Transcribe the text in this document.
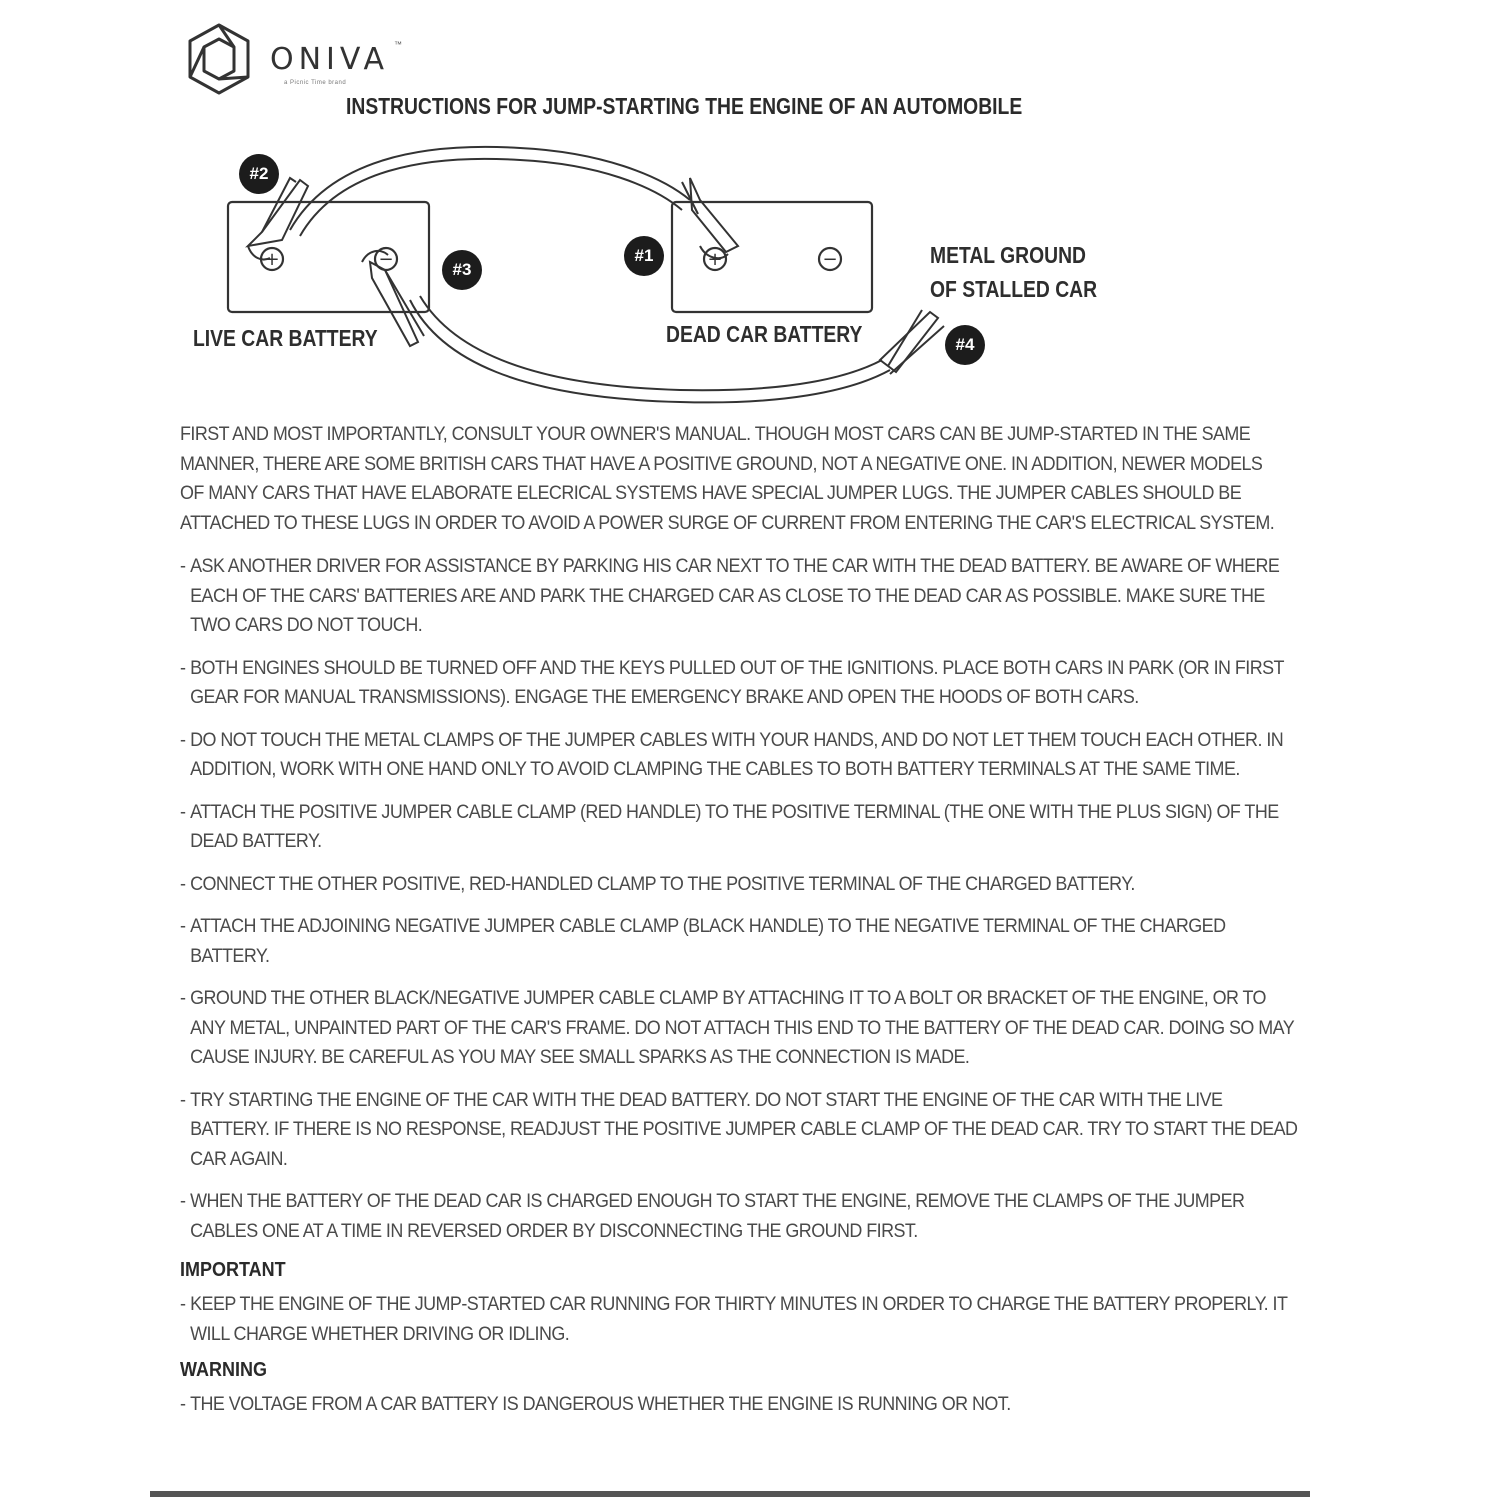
ONIVA ™
a Picnic Time brand
INSTRUCTIONS FOR JUMP-STARTING THE ENGINE OF AN AUTOMOBILE
+	−	+	−
#2
#3
#1
#4
LIVE CAR BATTERY	DEAD CAR BATTERY
METAL GROUND
OF STALLED CAR

FIRST AND MOST IMPORTANTLY, CONSULT YOUR OWNER'S MANUAL. THOUGH MOST CARS CAN BE JUMP-STARTED IN THE SAME MANNER, THERE ARE SOME BRITISH CARS THAT HAVE A POSITIVE GROUND, NOT A NEGATIVE ONE. IN ADDITION, NEWER MODELS OF MANY CARS THAT HAVE ELABORATE ELECRICAL SYSTEMS HAVE SPECIAL JUMPER LUGS. THE JUMPER CABLES SHOULD BE ATTACHED TO THESE LUGS IN ORDER TO AVOID A POWER SURGE OF CURRENT FROM ENTERING THE CAR'S ELECTRICAL SYSTEM.

- ASK ANOTHER DRIVER FOR ASSISTANCE BY PARKING HIS CAR NEXT TO THE CAR WITH THE DEAD BATTERY. BE AWARE OF WHERE EACH OF THE CARS' BATTERIES ARE AND PARK THE CHARGED CAR AS CLOSE TO THE DEAD CAR AS POSSIBLE. MAKE SURE THE TWO CARS DO NOT TOUCH.
- BOTH ENGINES SHOULD BE TURNED OFF AND THE KEYS PULLED OUT OF THE IGNITIONS. PLACE BOTH CARS IN PARK (OR IN FIRST GEAR FOR MANUAL TRANSMISSIONS). ENGAGE THE EMERGENCY BRAKE AND OPEN THE HOODS OF BOTH CARS.
- DO NOT TOUCH THE METAL CLAMPS OF THE JUMPER CABLES WITH YOUR HANDS, AND DO NOT LET THEM TOUCH EACH OTHER. IN ADDITION, WORK WITH ONE HAND ONLY TO AVOID CLAMPING THE CABLES TO BOTH BATTERY TERMINALS AT THE SAME TIME.
- ATTACH THE POSITIVE JUMPER CABLE CLAMP (RED HANDLE) TO THE POSITIVE TERMINAL (THE ONE WITH THE PLUS SIGN) OF THE DEAD BATTERY.
- CONNECT THE OTHER POSITIVE, RED-HANDLED CLAMP TO THE POSITIVE TERMINAL OF THE CHARGED BATTERY.
- ATTACH THE ADJOINING NEGATIVE JUMPER CABLE CLAMP (BLACK HANDLE) TO THE NEGATIVE TERMINAL OF THE CHARGED BATTERY.
- GROUND THE OTHER BLACK/NEGATIVE JUMPER CABLE CLAMP BY ATTACHING IT TO A BOLT OR BRACKET OF THE ENGINE, OR TO ANY METAL, UNPAINTED PART OF THE CAR'S FRAME. DO NOT ATTACH THIS END TO THE BATTERY OF THE DEAD CAR. DOING SO MAY CAUSE INJURY. BE CAREFUL AS YOU MAY SEE SMALL SPARKS AS THE CONNECTION IS MADE.
- TRY STARTING THE ENGINE OF THE CAR WITH THE DEAD BATTERY. DO NOT START THE ENGINE OF THE CAR WITH THE LIVE BATTERY. IF THERE IS NO RESPONSE, READJUST THE POSITIVE JUMPER CABLE CLAMP OF THE DEAD CAR. TRY TO START THE DEAD CAR AGAIN.
- WHEN THE BATTERY OF THE DEAD CAR IS CHARGED ENOUGH TO START THE ENGINE, REMOVE THE CLAMPS OF THE JUMPER CABLES ONE AT A TIME IN REVERSED ORDER BY DISCONNECTING THE GROUND FIRST.
IMPORTANT
- KEEP THE ENGINE OF THE JUMP-STARTED CAR RUNNING FOR THIRTY MINUTES IN ORDER TO CHARGE THE BATTERY PROPERLY. IT WILL CHARGE WHETHER DRIVING OR IDLING.
WARNING
- THE VOLTAGE FROM A CAR BATTERY IS DANGEROUS WHETHER THE ENGINE IS RUNNING OR NOT.
